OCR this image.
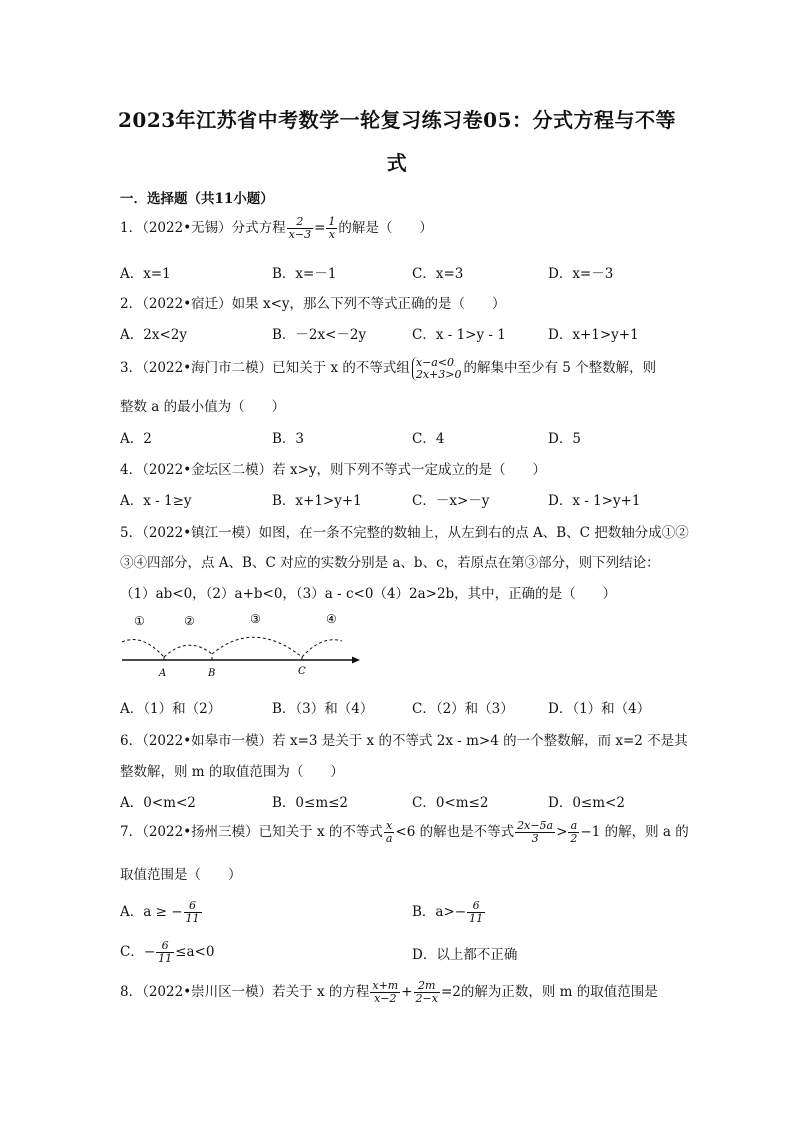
2023年江苏省中考数学一轮复习练习卷05：分式方程与不等
式
一．选择题（共11小题）
1．（2022•无锡）分式方程 $\frac{2}{x-3} = \frac{1}{x}$ 的解是（　　）
A．x=1	B．x=－1	C．x=3	D．x=－3
2．（2022•宿迁）如果 x<y，那么下列不等式正确的是（　　）
A．2x<2y	B．－2x<－2y	C．x - 1>y - 1	D．x+1>y+1
3．（2022•海门市二模）已知关于 x 的不等式组 x−a<0
2x+3>0 的解集中至少有 5 个整数解，则
整数 a 的最小值为（　　）
A．2	B．3	C．4	D．5
4．（2022•金坛区二模）若 x>y，则下列不等式一定成立的是（　　）
A．x - 1≥y	B．x+1>y+1	C．－x>－y	D．x - 1>y+1
5．（2022•镇江一模）如图，在一条不完整的数轴上，从左到右的点 A、B、C 把数轴分成①②
③④四部分，点 A、B、C 对应的实数分别是 a、b、c，若原点在第③部分，则下列结论：
（1）ab<0，（2）a+b<0，（3）a - c<0（4）2a>2b，其中，正确的是（　　）
①	②	③	④
A	B	C
A．（1）和（2）	B．（3）和（4）	C．（2）和（3）	D．（1）和（4）
6．（2022•如皋市一模）若 x=3 是关于 x 的不等式 2x - m>4 的一个整数解，而 x=2 不是其
整数解，则 m 的取值范围为（　　）
A．0<m<2	B．0≤m≤2	C．0<m≤2	D．0≤m<2
7．（2022•扬州三模）已知关于 x 的不等式 $\frac{x}{a} <6$ 的解也是不等式 $\frac{2x-5a}{3} > \frac{a}{2} -1$ 的解，则 a 的
取值范围是（　　）
A．a ≥ − $\frac{6}{11}$	B．$a>- \frac{6}{11}$
C．− $\frac{6}{11} \le a<0$	D．以上都不正确
8．（2022•崇川区一模）若关于 x 的方程 $\frac{x+m}{x-2} + \frac{2m}{2-x} =2$的解为正数，则 m 的取值范围是
